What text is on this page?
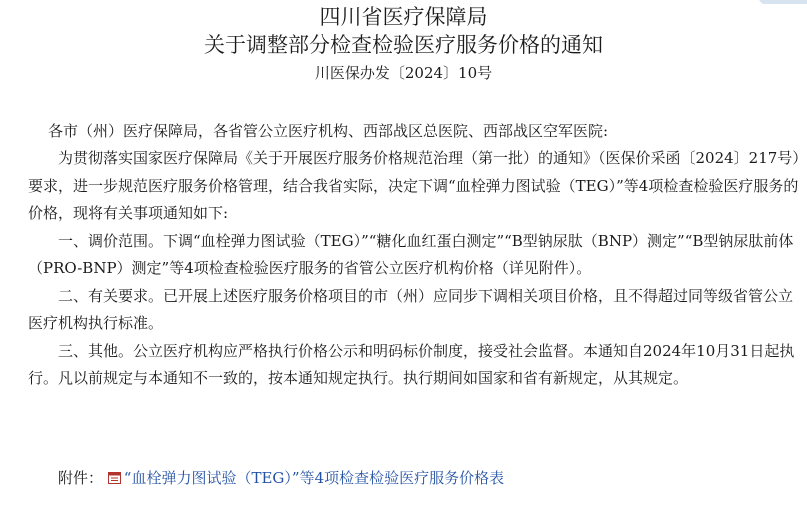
四川省医疗保障局
关于调整部分检查检验医疗服务价格的通知
川医保办发〔2024〕10号
各市（州）医疗保障局，各省管公立医疗机构、西部战区总医院、西部战区空军医院:

为贯彻落实国家医疗保障局《关于开展医疗服务价格规范治理（第一批）的通知》（医保价采函〔2024〕217号）要求，进一步规范医疗服务价格管理，结合我省实际，决定下调“血栓弹力图试验（TEG）”等4项检查检验医疗服务的价格，现将有关事项通知如下:

一、调价范围。下调“血栓弹力图试验（TEG）”“糖化血红蛋白测定”“B型钠尿肽（BNP）测定”“B型钠尿肽前体（PRO-BNP）测定”等4项检查检验医疗服务的省管公立医疗机构价格（详见附件）。

二、有关要求。已开展上述医疗服务价格项目的市（州）应同步下调相关项目价格，且不得超过同等级省管公立医疗机构执行标准。

三、其他。公立医疗机构应严格执行价格公示和明码标价制度，接受社会监督。本通知自2024年10月31日起执行。凡以前规定与本通知不一致的，按本通知规定执行。执行期间如国家和省有新规定，从其规定。

附件： “血栓弹力图试验（TEG）”等4项检查检验医疗服务价格表
